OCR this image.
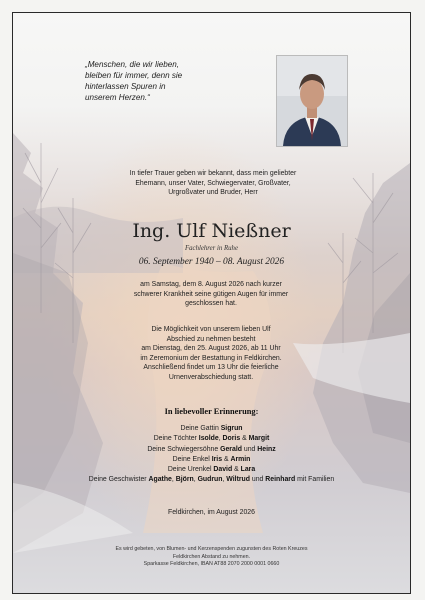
„Menschen, die wir lieben,
bleiben für immer, denn sie
hinterlassen Spuren in
unserem Herzen.“
In tiefer Trauer geben wir bekannt, dass mein geliebter
Ehemann, unser Vater, Schwiegervater, Großvater,
Urgroßvater und Bruder, Herr
Ing. Ulf Nießner
Fachlehrer in Ruhe
06. September 1940 – 08. August 2026
am Samstag, dem 8. August 2026 nach kurzer
schwerer Krankheit seine gütigen Augen für immer
geschlossen hat.
Die Möglichkeit von unserem lieben Ulf
Abschied zu nehmen besteht
am Dienstag, den 25. August 2026, ab 11 Uhr
im Zeremonium der Bestattung in Feldkirchen.
Anschließend findet um 13 Uhr die feierliche
Urnenverabschiedung statt.
In liebevoller Erinnerung:
Deine Gattin Sigrun
Deine Töchter Isolde, Doris & Margit
Deine Schwiegersöhne Gerald und Heinz
Deine Enkel Iris & Armin
Deine Urenkel David & Lara
Deine Geschwister Agathe, Björn, Gudrun, Wiltrud und Reinhard mit Familien
Feldkirchen, im August 2026
Es wird gebeten, von Blumen- und Kerzenspenden zugunsten des Roten Kreuzes
Feldkirchen Abstand zu nehmen.
Sparkasse Feldkirchen, IBAN AT88 2070 2000 0001 0660
